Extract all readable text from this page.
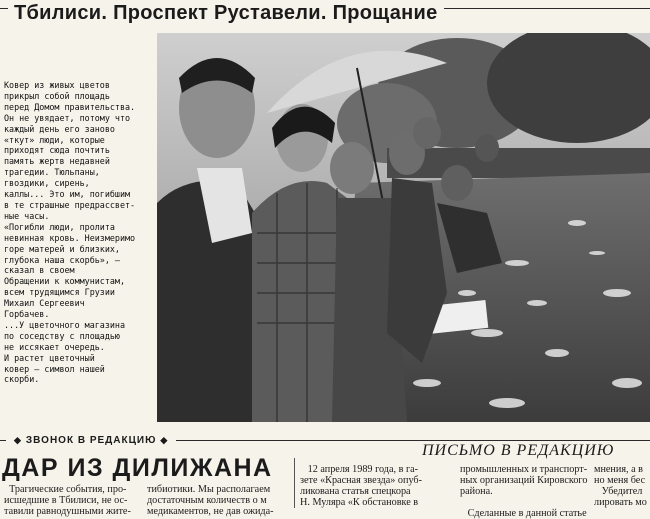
Тбилиси. Проспект Руставели. Прощание
Ковер из живых цветов
прикрыл собой площадь
перед Домом правительства.
Он не увядает, потому что
каждый день его заново
«ткут» люди, которые
приходят сюда почтить
память жертв недавней
трагедии. Тюльпаны,
гвоздики, сирень,
каллы... Это им, погибшим
в те страшные предрассвет-
ные часы.
«Погибли люди, пролита
невинная кровь. Неизмеримо
горе матерей и близких,
глубока наша скорбь», —
сказал в своем
Обращении к коммунистам,
всем трудящимся Грузии
Михаил Сергеевич
Горбачев.
...У цветочного магазина
по соседству с площадью
не иссякает очередь.
И растет цветочный
ковер — символ нашей
скорби.
◆ ЗВОНОК В РЕДАКЦИЮ ◆
ПИСЬМО В РЕДАКЦИЮ
ДАР ИЗ ДИЛИЖАНА
Трагические события, про-
исшедшие в Тбилиси, не ос-
тавили равнодушными жите-
тибиотики. Мы располагаем
достаточным количеств о м
медикаментов, не дав ожида-
12 апреля 1989 года, в га-
зете «Красная звезда» опуб-
ликована статья спецкора
Н. Муляра «К обстановке в
промышленных и транспорт-
ных организаций Кировского
района.

Сделанные в данной статье
мнения, а в
но меня бес
Убедител
лировать мо
